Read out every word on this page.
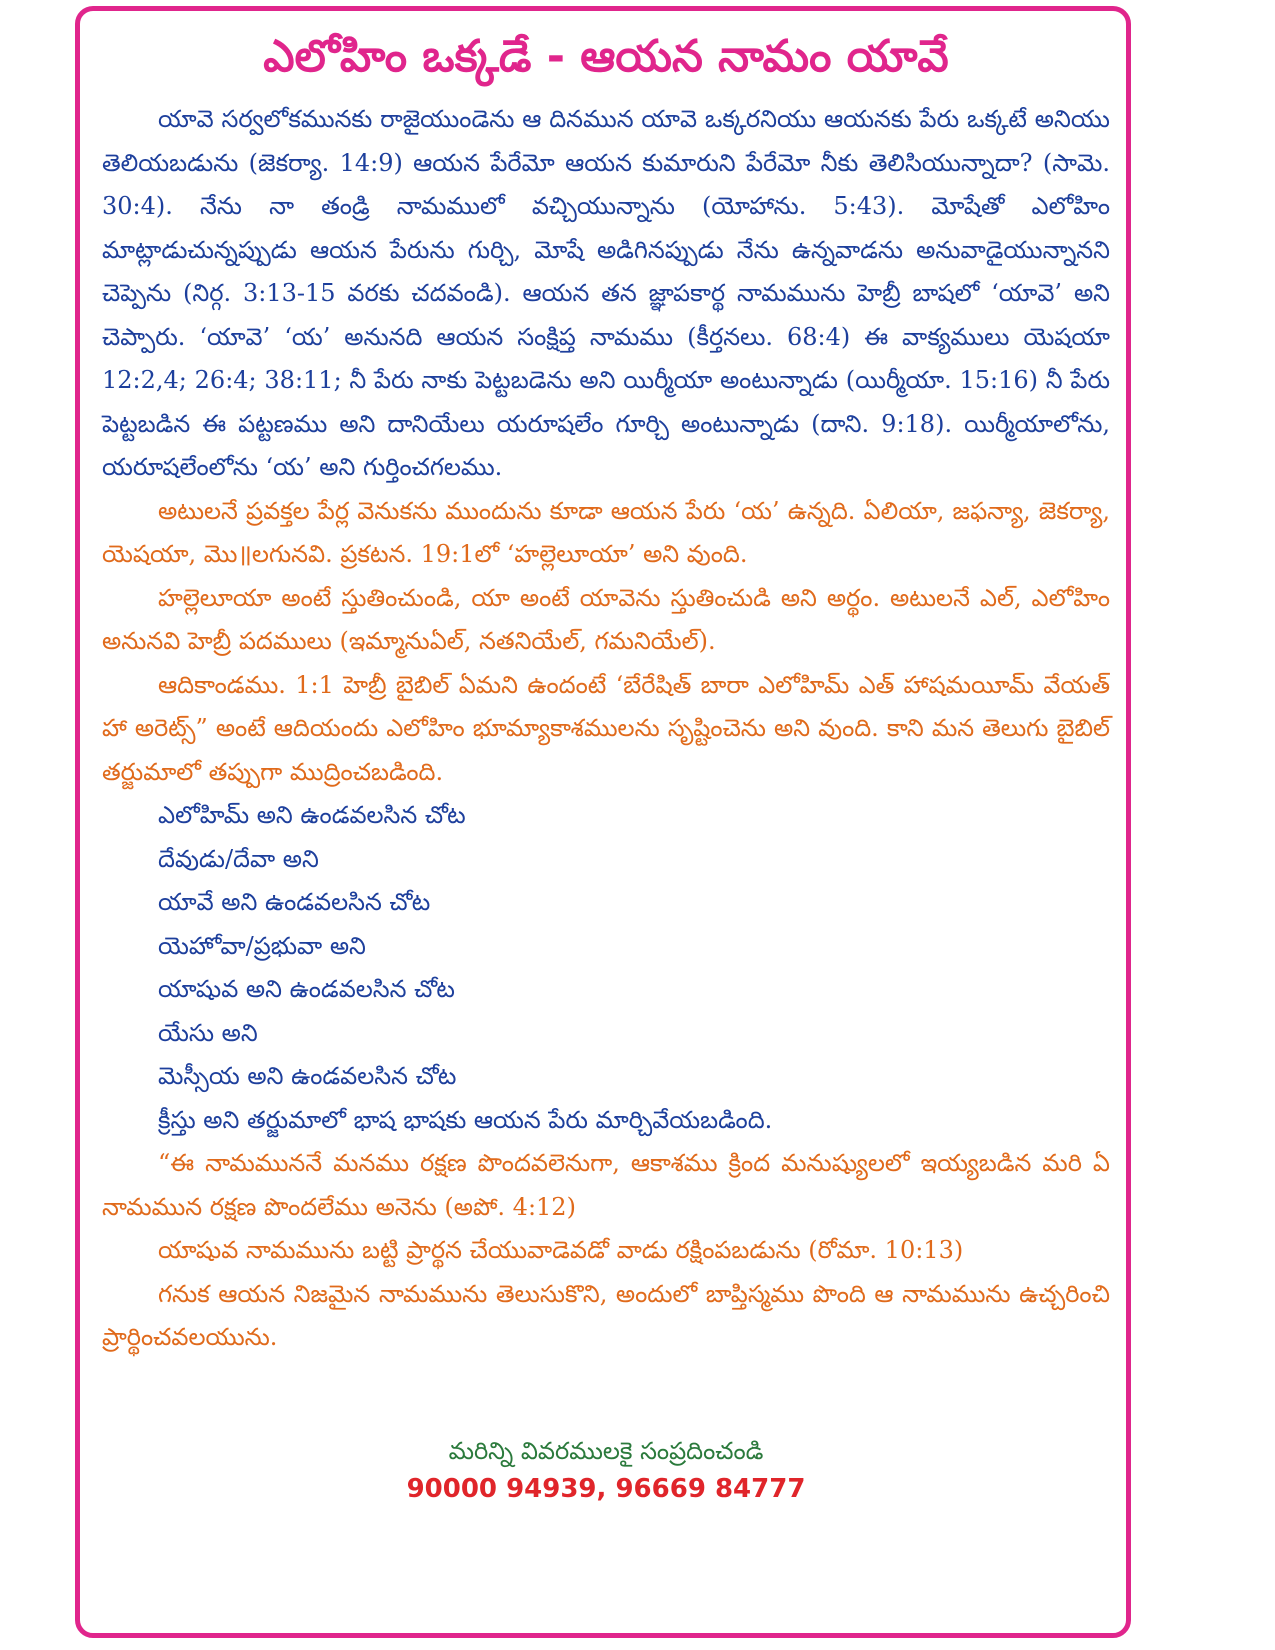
ఎలోహిం ఒక్కడే - ఆయన నామం యావే

యావె సర్వలోకమునకు రాజైయుండెను ఆ దినమున యావె ఒక్కరనియు ఆయనకు పేరు ఒక్కటే అనియు తెలియబడును (జెకర్యా. 14:9) ఆయన పేరేమో ఆయన కుమారుని పేరేమో నీకు తెలిసియున్నాదా? (సామె. 30:4). నేను నా తండ్రి నామములో వచ్చియున్నాను (యోహాను. 5:43). మోషేతో ఎలోహిం మాట్లాడుచున్నప్పుడు ఆయన పేరును గుర్చి, మోషే అడిగినప్పుడు నేను ఉన్నవాడను అనువాడైయున్నానని చెప్పెను (నిర్గ. 3:13-15 వరకు చదవండి). ఆయన తన జ్ఞాపకార్థ నామమును హెబ్రీ బాషలో ‘యావె’ అని చెప్పారు. ‘యావె’ ‘య’ అనునది ఆయన సంక్షిప్త నామము (కీర్తనలు. 68:4) ఈ వాక్యములు యెషయా 12:2,4; 26:4; 38:11; నీ పేరు నాకు పెట్టబడెను అని యిర్మీయా అంటున్నాడు (యిర్మీయా. 15:16) నీ పేరు పెట్టబడిన ఈ పట్టణము అని దానియేలు యరూషలేం గూర్చి అంటున్నాడు (దాని. 9:18). యిర్మీయాలోను, యరూషలేంలోను ‘య’ అని గుర్తించగలము.

అటులనే ప్రవక్తల పేర్ల వెనుకను ముందును కూడా ఆయన పేరు ‘య’ ఉన్నది. ఏలియా, జఫన్యా, జెకర్యా, యెషయా, మొ॥లగునవి. ప్రకటన. 19:1లో ‘హల్లెలూయా’ అని వుంది.

హల్లెలూయా అంటే స్తుతించుండి, యా అంటే యావెను స్తుతించుడి అని అర్థం. అటులనే ఎల్, ఎలోహిం అనునవి హెబ్రీ పదములు (ఇమ్మానుఏల్, నతనియేల్, గమనియేల్).

ఆదికాండము. 1:1 హెబ్రీ బైబిల్ ఏమని ఉందంటే ‘బేరేషిత్ బారా ఎలోహిమ్ ఎత్ హాషమయీమ్ వేయత్ హా అరెట్స్” అంటే ఆదియందు ఎలోహిం భూమ్యాకాశములను సృష్టించెను అని వుంది. కాని మన తెలుగు బైబిల్ తర్జుమాలో తప్పుగా ముద్రించబడింది.

ఎలోహిమ్ అని ఉండవలసిన చోట
దేవుడు/దేవా అని
యావే అని ఉండవలసిన చోట
యెహోవా/ప్రభువా అని
యాషువ అని ఉండవలసిన చోట
యేసు అని
మెస్సీయ అని ఉండవలసిన చోట
క్రీస్తు అని తర్జుమాలో భాష భాషకు ఆయన పేరు మార్చివేయబడింది.

“ఈ నామముననే మనము రక్షణ పొందవలెనుగా, ఆకాశము క్రింద మనుష్యులలో ఇయ్యబడిన మరి ఏ నామమున రక్షణ పొందలేము అనెను (అపో. 4:12)

యాషువ నామమును బట్టి ప్రార్థన చేయువాడెవడో వాడు రక్షింపబడును (రోమా. 10:13)

గనుక ఆయన నిజమైన నామమును తెలుసుకొని, అందులో బాప్తిస్మము పొంది ఆ నామమును ఉచ్చరించి ప్రార్థించవలయును.

మరిన్ని వివరములకై సంప్రదించండి
90000 94939, 96669 84777
